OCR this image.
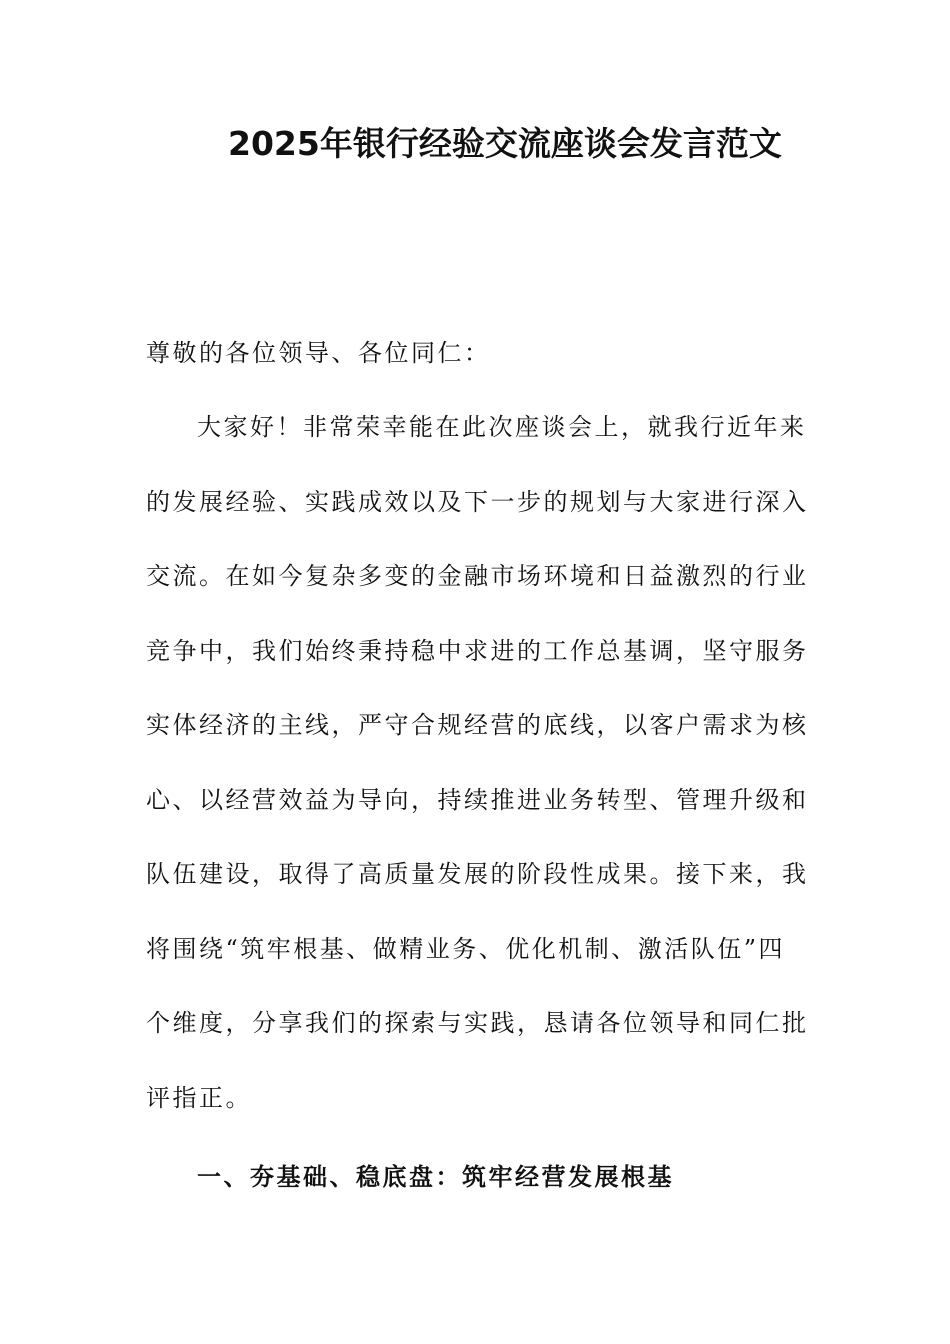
2025年银行经验交流座谈会发言范文
尊敬的各位领导、各位同仁：
大家好！非常荣幸能在此次座谈会上，就我行近年来
的发展经验、实践成效以及下一步的规划与大家进行深入
交流。在如今复杂多变的金融市场环境和日益激烈的行业
竞争中，我们始终秉持稳中求进的工作总基调，坚守服务
实体经济的主线，严守合规经营的底线，以客户需求为核
心、以经营效益为导向，持续推进业务转型、管理升级和
队伍建设，取得了高质量发展的阶段性成果。接下来，我
将围绕“筑牢根基、做精业务、优化机制、激活队伍”四
个维度，分享我们的探索与实践，恳请各位领导和同仁批
评指正。
一、夯基础、稳底盘：筑牢经营发展根基
